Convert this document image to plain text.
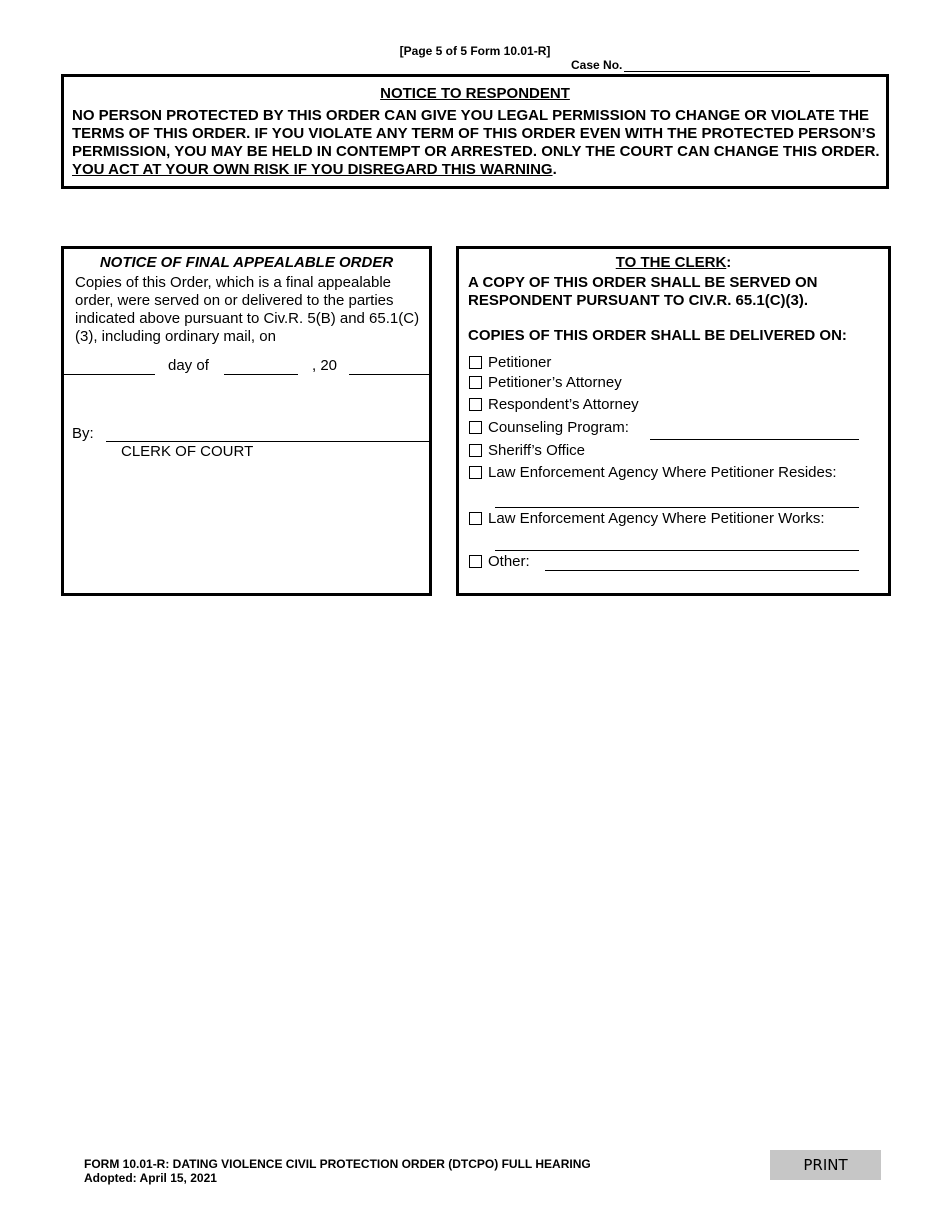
[Page 5 of 5 Form 10.01-R]
Case No.
NOTICE TO RESPONDENT
NO PERSON PROTECTED BY THIS ORDER CAN GIVE YOU LEGAL PERMISSION TO CHANGE OR VIOLATE THE TERMS OF THIS ORDER. IF YOU VIOLATE ANY TERM OF THIS ORDER EVEN WITH THE PROTECTED PERSON’S PERMISSION, YOU MAY BE HELD IN CONTEMPT OR ARRESTED. ONLY THE COURT CAN CHANGE THIS ORDER. YOU ACT AT YOUR OWN RISK IF YOU DISREGARD THIS WARNING.
NOTICE OF FINAL APPEALABLE ORDER
Copies of this Order, which is a final appealable order, were served on or delivered to the parties indicated above pursuant to Civ.R. 5(B) and 65.1(C)(3), including ordinary mail, on
day of	, 20
By:
CLERK OF COURT
TO THE CLERK:
A COPY OF THIS ORDER SHALL BE SERVED ON RESPONDENT PURSUANT TO CIV.R. 65.1(C)(3).
COPIES OF THIS ORDER SHALL BE DELIVERED ON:
Petitioner
Petitioner’s Attorney
Respondent’s Attorney
Counseling Program:
Sheriff’s Office
Law Enforcement Agency Where Petitioner Resides:
Law Enforcement Agency Where Petitioner Works:
Other:
FORM 10.01-R: DATING VIOLENCE CIVIL PROTECTION ORDER (DTCPO) FULL HEARING
Adopted: April 15, 2021
PRINT
